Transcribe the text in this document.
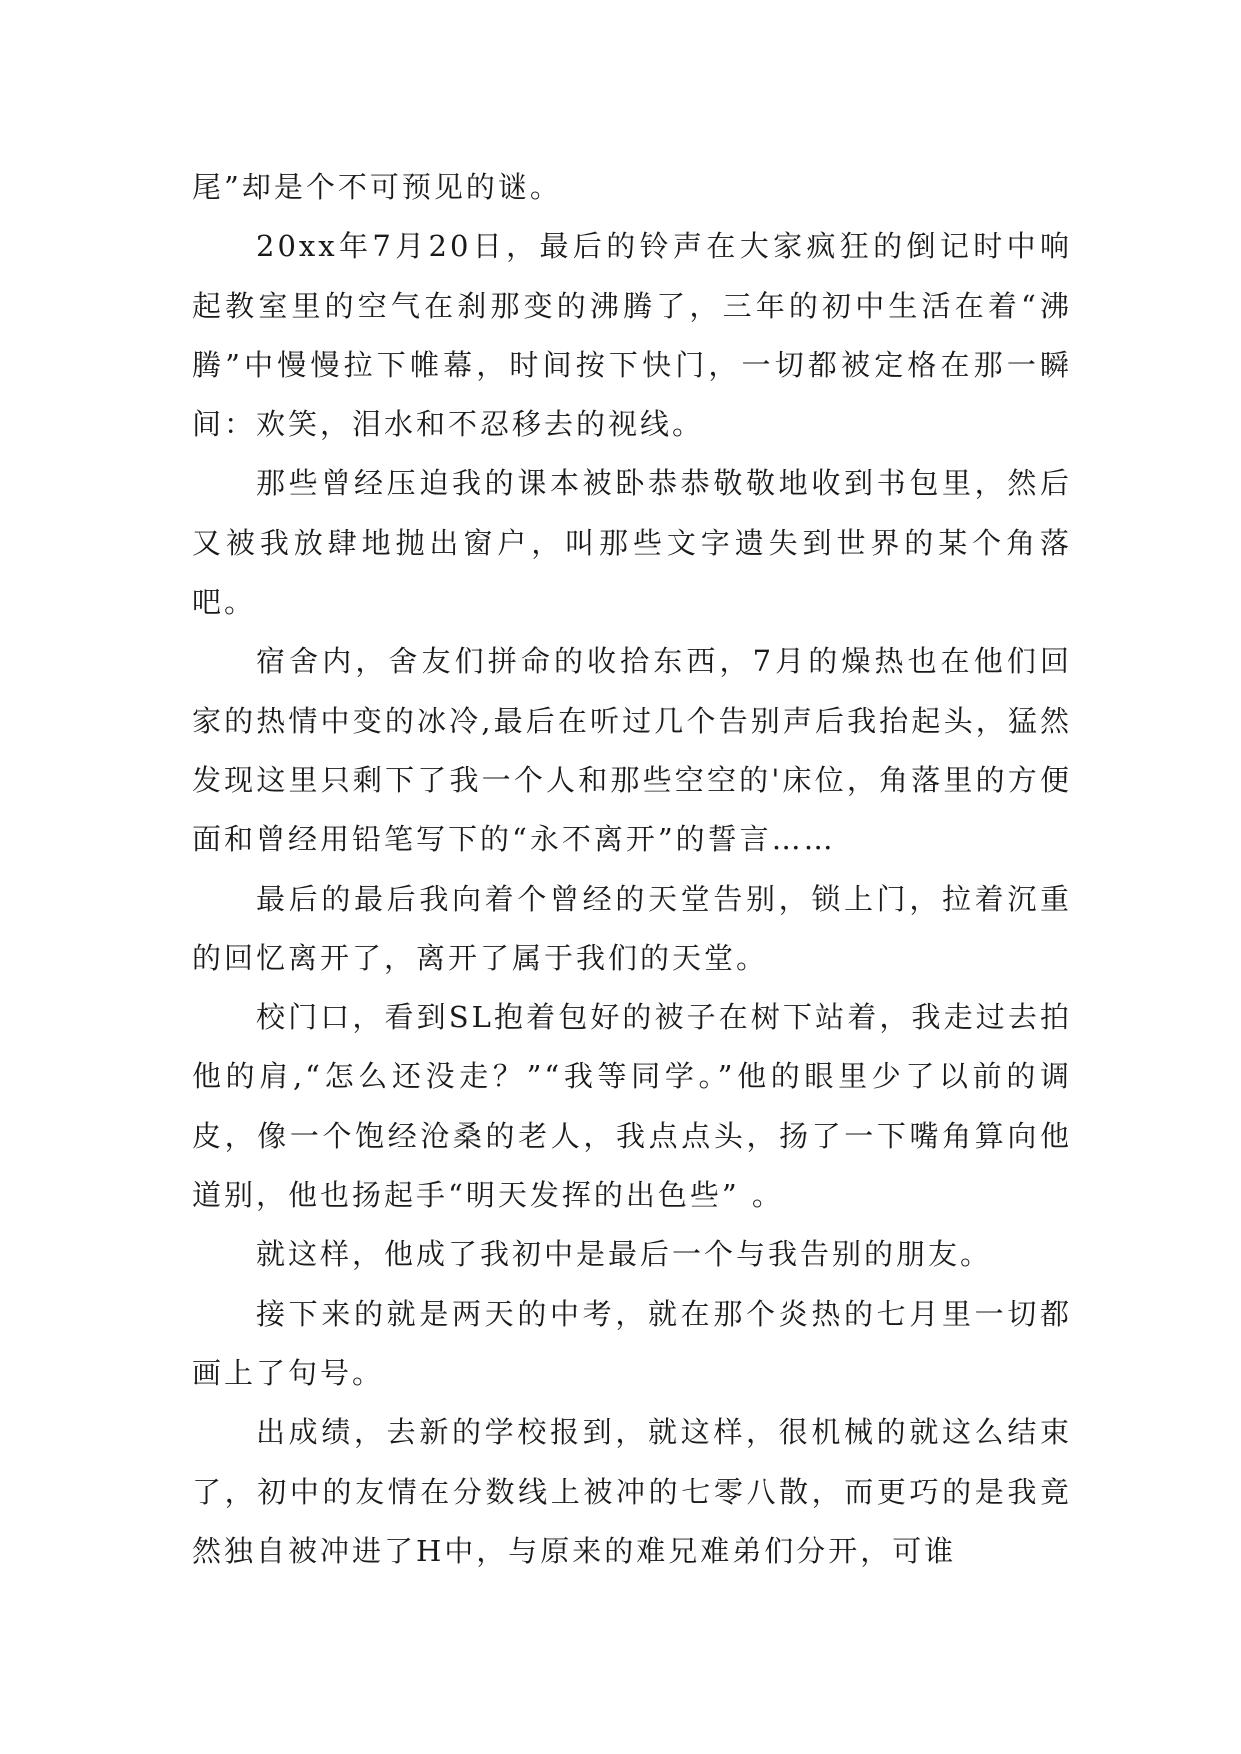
尾”却是个不可预见的谜。

20xx年7月20日，最后的铃声在大家疯狂的倒记时中响起教室里的空气在刹那变的沸腾了，三年的初中生活在着“沸腾”中慢慢拉下帷幕，时间按下快门，一切都被定格在那一瞬间：欢笑，泪水和不忍移去的视线。

那些曾经压迫我的课本被卧恭恭敬敬地收到书包里，然后又被我放肆地抛出窗户，叫那些文字遗失到世界的某个角落吧。

宿舍内，舍友们拼命的收拾东西，7月的燥热也在他们回家的热情中变的冰冷,最后在听过几个告别声后我抬起头，猛然发现这里只剩下了我一个人和那些空空的'床位，角落里的方便面和曾经用铅笔写下的“永不离开”的誓言……

最后的最后我向着个曾经的天堂告别，锁上门，拉着沉重的回忆离开了，离开了属于我们的天堂。

校门口，看到SL抱着包好的被子在树下站着，我走过去拍他的肩,“怎么还没走？”“我等同学。”他的眼里少了以前的调皮，像一个饱经沧桑的老人，我点点头，扬了一下嘴角算向他道别，他也扬起手“明天发挥的出色些” 。

就这样，他成了我初中是最后一个与我告别的朋友。

接下来的就是两天的中考，就在那个炎热的七月里一切都画上了句号。

出成绩，去新的学校报到，就这样，很机械的就这么结束了，初中的友情在分数线上被冲的七零八散，而更巧的是我竟然独自被冲进了H中，与原来的难兄难弟们分开，可谁
